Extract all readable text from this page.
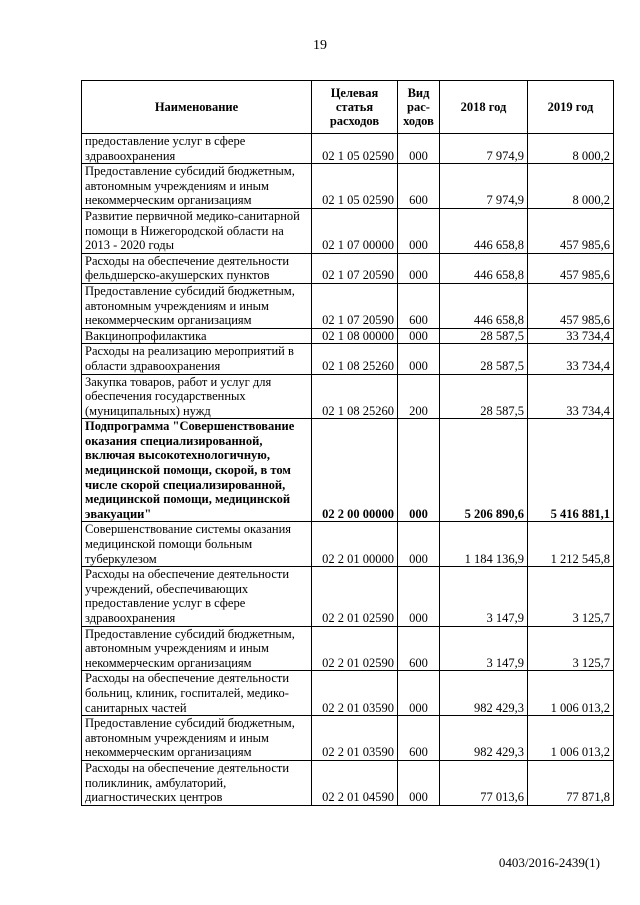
19
Наименование	Целевая статья расходов	Вид рас-ходов	2018 год	2019 год
предоставление услуг в сфере здравоохранения	02 1 05 02590	000	7 974,9	8 000,2
Предоставление субсидий бюджетным, автономным учреждениям и иным некоммерческим организациям	02 1 05 02590	600	7 974,9	8 000,2
Развитие первичной медико-санитарной помощи в Нижегородской области на 2013 - 2020 годы	02 1 07 00000	000	446 658,8	457 985,6
Расходы на обеспечение деятельности фельдшерско-акушерских пунктов	02 1 07 20590	000	446 658,8	457 985,6
Предоставление субсидий бюджетным, автономным учреждениям и иным некоммерческим организациям	02 1 07 20590	600	446 658,8	457 985,6
Вакцинопрофилактика	02 1 08 00000	000	28 587,5	33 734,4
Расходы на реализацию мероприятий в области здравоохранения	02 1 08 25260	000	28 587,5	33 734,4
Закупка товаров, работ и услуг для обеспечения государственных (муниципальных) нужд	02 1 08 25260	200	28 587,5	33 734,4
Подпрограмма "Совершенствование оказания специализированной, включая высокотехнологичную, медицинской помощи, скорой, в том числе скорой специализированной, медицинской помощи, медицинской эвакуации"	02 2 00 00000	000	5 206 890,6	5 416 881,1
Совершенствование системы оказания медицинской помощи больным туберкулезом	02 2 01 00000	000	1 184 136,9	1 212 545,8
Расходы на обеспечение деятельности учреждений, обеспечивающих предоставление услуг в сфере здравоохранения	02 2 01 02590	000	3 147,9	3 125,7
Предоставление субсидий бюджетным, автономным учреждениям и иным некоммерческим организациям	02 2 01 02590	600	3 147,9	3 125,7
Расходы на обеспечение деятельности больниц, клиник, госпиталей, медико-санитарных частей	02 2 01 03590	000	982 429,3	1 006 013,2
Предоставление субсидий бюджетным, автономным учреждениям и иным некоммерческим организациям	02 2 01 03590	600	982 429,3	1 006 013,2
Расходы на обеспечение деятельности поликлиник, амбулаторий, диагностических центров	02 2 01 04590	000	77 013,6	77 871,8
0403/2016-2439(1)
